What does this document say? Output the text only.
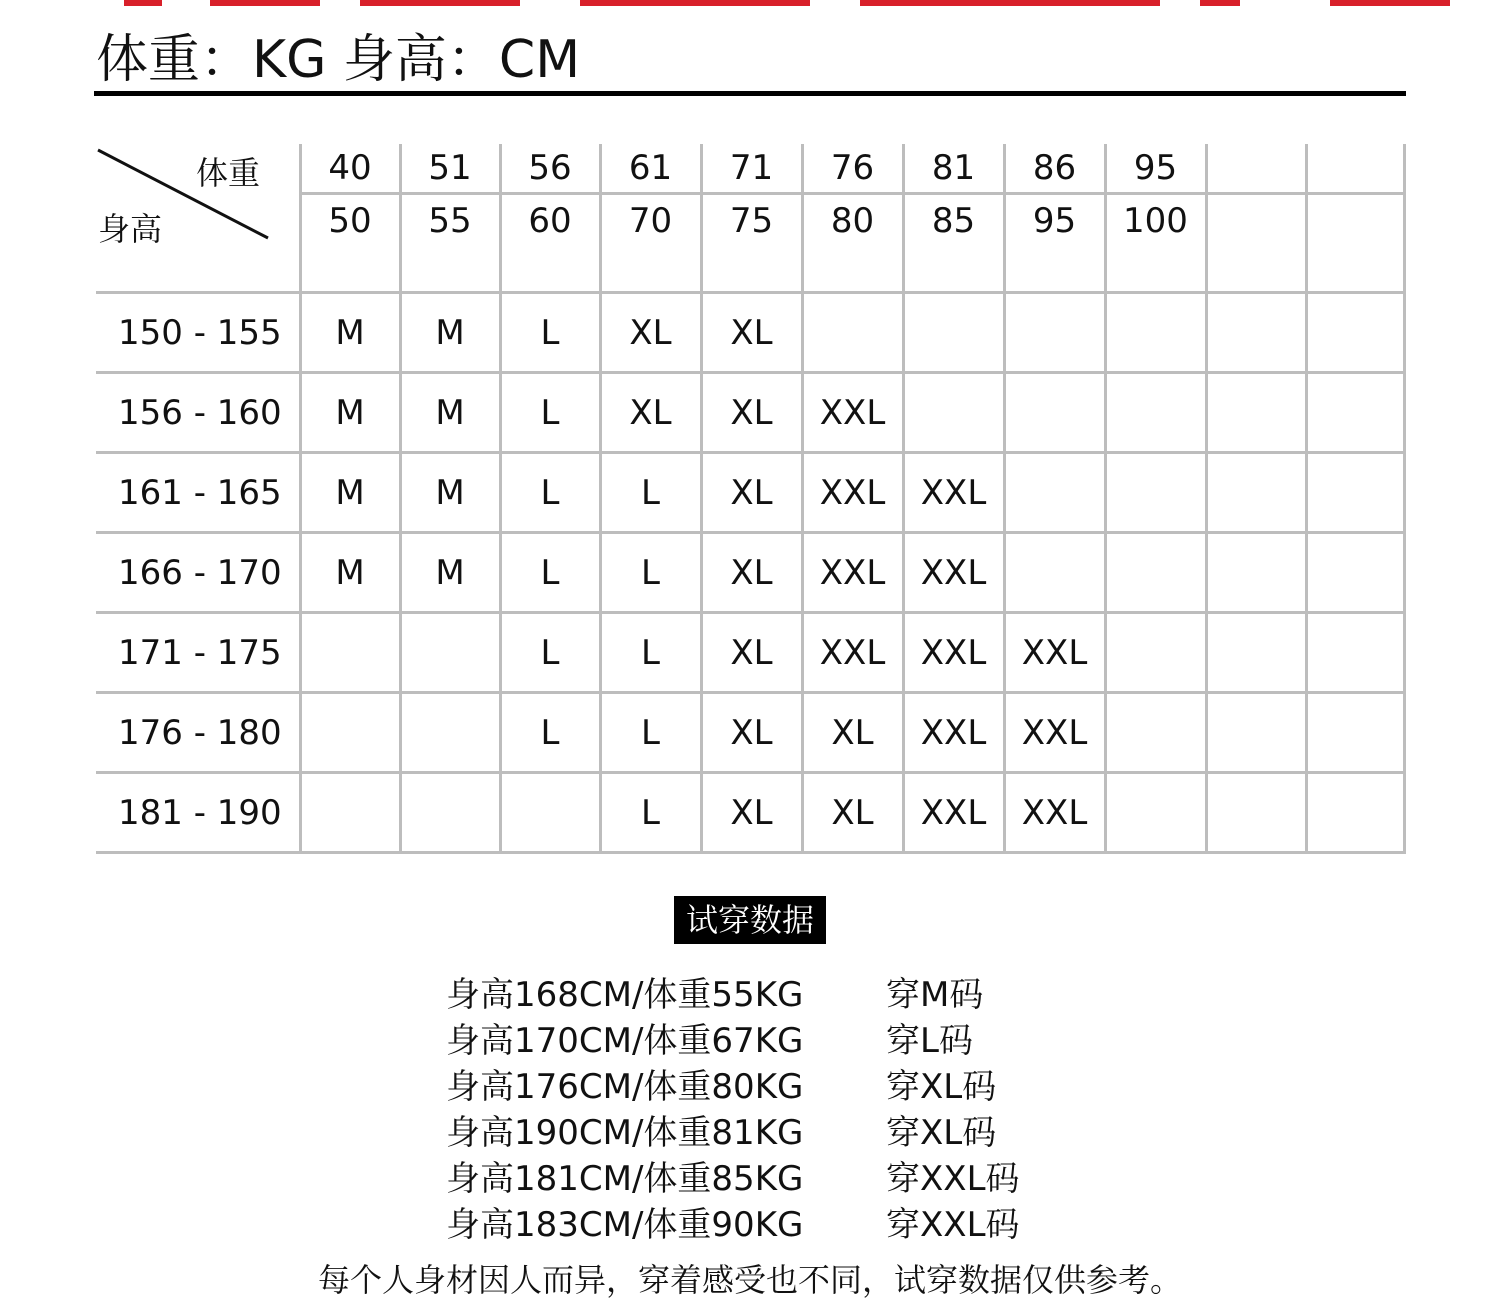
体重：KG 身高：CM
体重
身高	40	51	56	61	71	76	81	86	95		
	50	55	60	70	75	80	85	95	100		
150 - 155	M	M	L	XL	XL						
156 - 160	M	M	L	XL	XL	XXL					
161 - 165	M	M	L	L	XL	XXL	XXL				
166 - 170	M	M	L	L	XL	XXL	XXL				
171 - 175			L	L	XL	XXL	XXL	XXL			
176 - 180			L	L	XL	XL	XXL	XXL			
181 - 190				L	XL	XL	XXL	XXL			
试穿数据
身高168CM/体重55KG 穿M码
身高170CM/体重67KG 穿L码
身高176CM/体重80KG 穿XL码
身高190CM/体重81KG 穿XL码
身高181CM/体重85KG 穿XXL码
身高183CM/体重90KG 穿XXL码
每个人身材因人而异，穿着感受也不同，试穿数据仅供参考。
